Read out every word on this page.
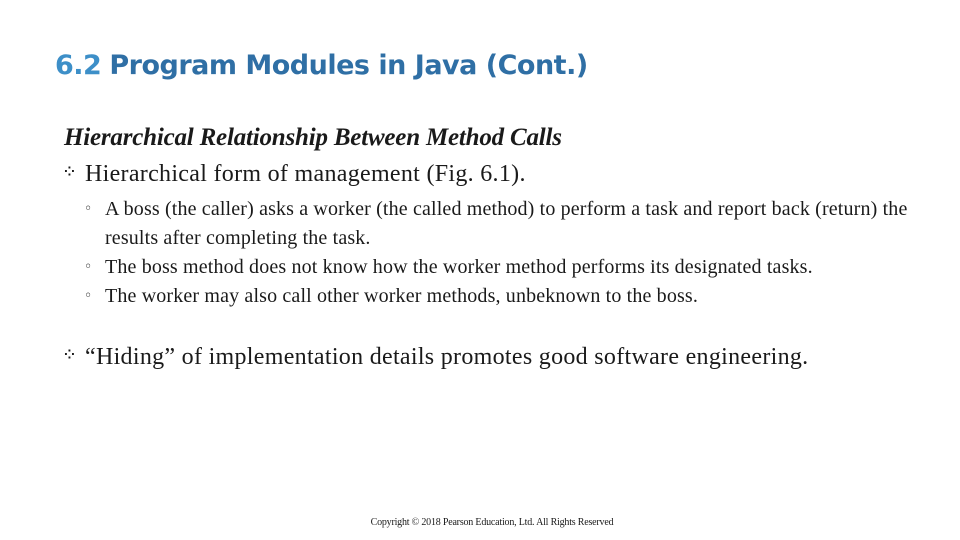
6.2 Program Modules in Java (Cont.)
Hierarchical Relationship Between Method Calls
⁘ Hierarchical form of management (Fig. 6.1).
◦ A boss (the caller) asks a worker (the called method) to perform a task and report back (return) the results after completing the task.
◦ The boss method does not know how the worker method performs its designated tasks.
◦ The worker may also call other worker methods, unbeknown to the boss.
⁘ “Hiding” of implementation details promotes good software engineering.
Copyright © 2018 Pearson Education, Ltd. All Rights Reserved
